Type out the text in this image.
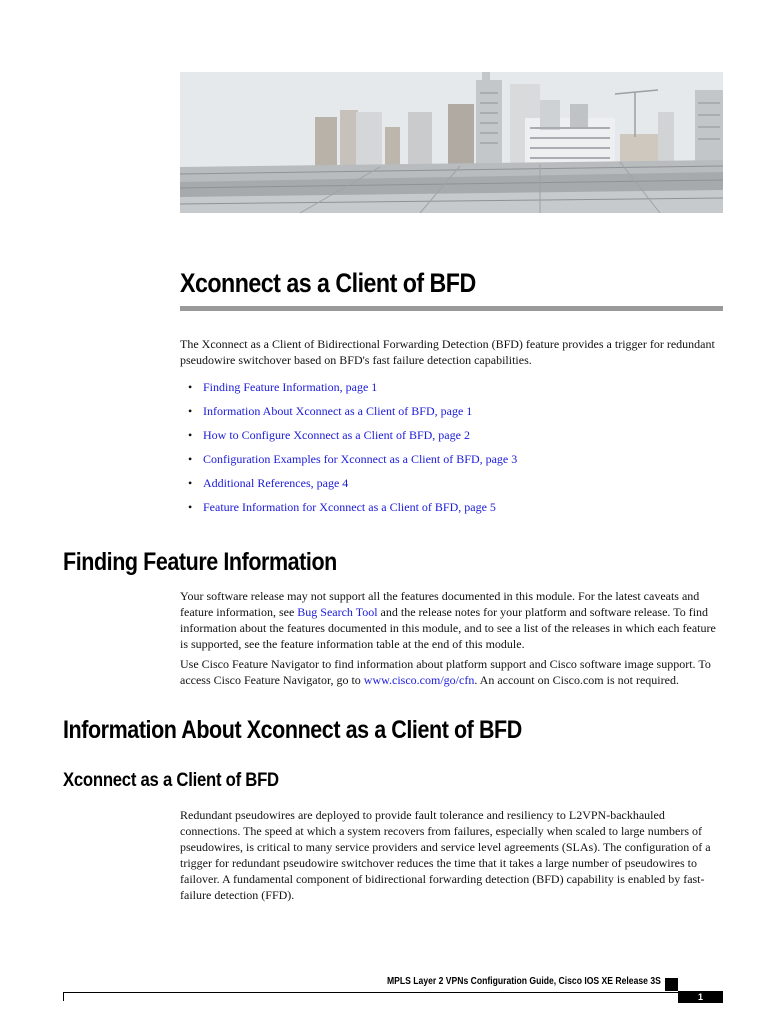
Xconnect as a Client of BFD

The Xconnect as a Client of Bidirectional Forwarding Detection (BFD) feature provides a trigger for redundant pseudowire switchover based on BFD's fast failure detection capabilities.

• Finding Feature Information, page 1
• Information About Xconnect as a Client of BFD, page 1
• How to Configure Xconnect as a Client of BFD, page 2
• Configuration Examples for Xconnect as a Client of BFD, page 3
• Additional References, page 4
• Feature Information for Xconnect as a Client of BFD, page 5
Finding Feature Information

Your software release may not support all the features documented in this module. For the latest caveats and feature information, see Bug Search Tool and the release notes for your platform and software release. To find information about the features documented in this module, and to see a list of the releases in which each feature is supported, see the feature information table at the end of this module.

Use Cisco Feature Navigator to find information about platform support and Cisco software image support. To access Cisco Feature Navigator, go to www.cisco.com/go/cfn. An account on Cisco.com is not required.

Information About Xconnect as a Client of BFD
Xconnect as a Client of BFD

Redundant pseudowires are deployed to provide fault tolerance and resiliency to L2VPN-backhauled connections. The speed at which a system recovers from failures, especially when scaled to large numbers of pseudowires, is critical to many service providers and service level agreements (SLAs). The configuration of a trigger for redundant pseudowire switchover reduces the time that it takes a large number of pseudowires to failover. A fundamental component of bidirectional forwarding detection (BFD) capability is enabled by fast-failure detection (FFD).

MPLS Layer 2 VPNs Configuration Guide, Cisco IOS XE Release 3S
1
